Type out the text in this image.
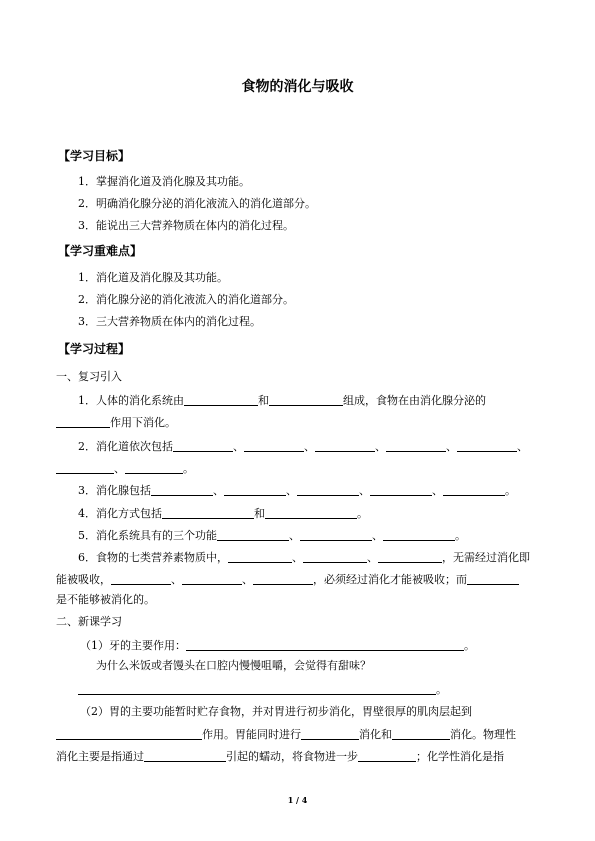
食物的消化与吸收
【学习目标】
1．掌握消化道及消化腺及其功能。
2．明确消化腺分泌的消化液流入的消化道部分。
3．能说出三大营养物质在体内的消化过程。
【学习重难点】
1．消化道及消化腺及其功能。
2．消化腺分泌的消化液流入的消化道部分。
3．三大营养物质在体内的消化过程。
【学习过程】
一、复习引入
1．人体的消化系统由	和	组成，食物在由消化腺分泌的
作用下消化。
2．消化道依次包括	、	、	、	、	、
、	。
3．消化腺包括	、	、	、	、	。
4．消化方式包括	和	。
5．消化系统具有的三个功能	、	、	。
6．食物的七类营养素物质中，	、	、	，无需经过消化即
能被吸收，	、	、	，必须经过消化才能被吸收；而
是不能够被消化的。
二、新课学习
（1）牙的主要作用：	。
为什么米饭或者馒头在口腔内慢慢咀嚼，会觉得有甜味？
。
（2）胃的主要功能暂时贮存食物，并对胃进行初步消化，胃壁很厚的肌肉层起到
作用。胃能同时进行	消化和	消化。物理性
消化主要是指通过	引起的蠕动，将食物进一步	；化学性消化是指
1 / 4
